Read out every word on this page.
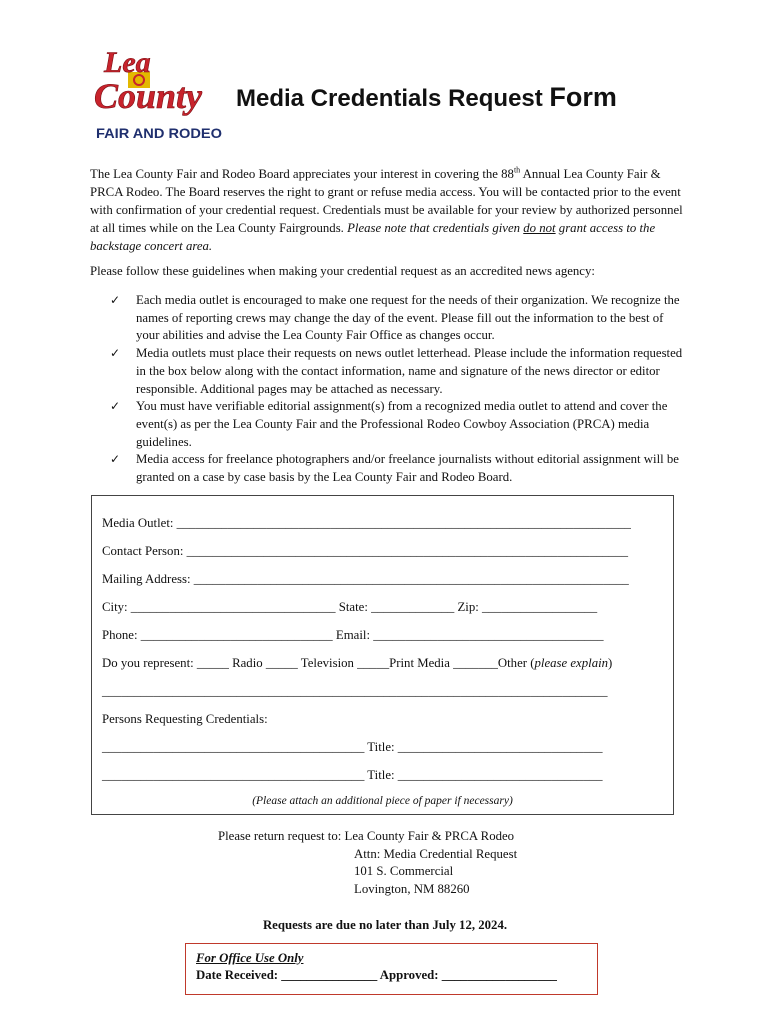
Lea
County
FAIR AND RODEO
Media Credentials Request Form

The Lea County Fair and Rodeo Board appreciates your interest in covering the 88th Annual Lea County Fair & PRCA Rodeo. The Board reserves the right to grant or refuse media access. You will be contacted prior to the event with confirmation of your credential request. Credentials must be available for your review by authorized personnel at all times while on the Lea County Fairgrounds. Please note that credentials given do not grant access to the backstage concert area.

Please follow these guidelines when making your credential request as an accredited news agency:

✓ Each media outlet is encouraged to make one request for the needs of their organization. We recognize the names of reporting crews may change the day of the event. Please fill out the information to the best of your abilities and advise the Lea County Fair Office as changes occur.
✓ Media outlets must place their requests on news outlet letterhead. Please include the information requested in the box below along with the contact information, name and signature of the news director or editor responsible. Additional pages may be attached as necessary.
✓ You must have verifiable editorial assignment(s) from a recognized media outlet to attend and cover the event(s) as per the Lea County Fair and the Professional Rodeo Cowboy Association (PRCA) media guidelines.
✓ Media access for freelance photographers and/or freelance journalists without editorial assignment will be granted on a case by case basis by the Lea County Fair and Rodeo Board.

Media Outlet: _______________________________________________________________________

Contact Person: _____________________________________________________________________

Mailing Address: ____________________________________________________________________

City: ________________________________ State: _____________ Zip: __________________

Phone: ______________________________ Email: ____________________________________

Do you represent: _____ Radio _____ Television _____Print Media _______Other (please explain)

_______________________________________________________________________________

Persons Requesting Credentials:

_________________________________________ Title: ________________________________

_________________________________________ Title: ________________________________

(Please attach an additional piece of paper if necessary)
Please return request to: Lea County Fair & PRCA Rodeo
Attn: Media Credential Request
101 S. Commercial
Lovington, NM 88260

Requests are due no later than July 12, 2024.

For Office Use Only
Date Received: _______________ Approved: __________________
